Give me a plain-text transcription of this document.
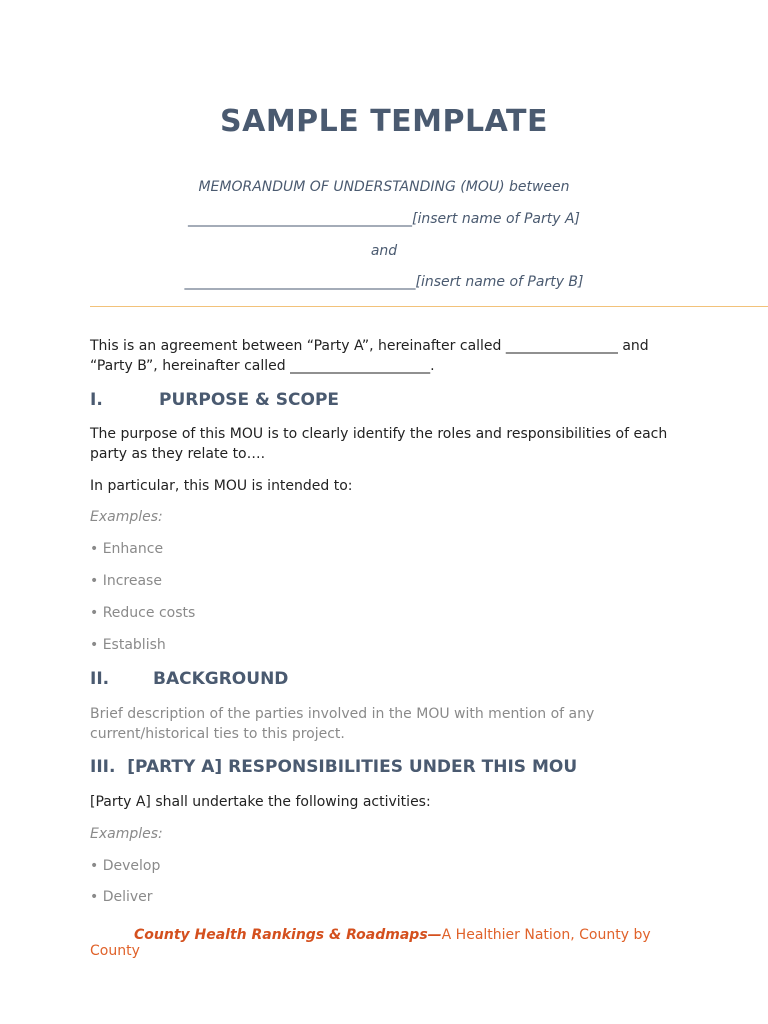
SAMPLE TEMPLATE

MEMORANDUM OF UNDERSTANDING (MOU) between

________________________________[insert name of Party A]

and

_________________________________[insert name of Party B]

This is an agreement between “Party A”, hereinafter called ________________ and
“Party B”, hereinafter called ____________________.

I.	PURPOSE & SCOPE

The purpose of this MOU is to clearly identify the roles and responsibilities of each
party as they relate to….

In particular, this MOU is intended to:

Examples:

• Enhance

• Increase

• Reduce costs

• Establish

II.	BACKGROUND

Brief description of the parties involved in the MOU with mention of any
current/historical ties to this project.

III. [PARTY A] RESPONSIBILITIES UNDER THIS MOU

[Party A] shall undertake the following activities:

Examples:

• Develop

• Deliver

County Health Rankings & Roadmaps—A Healthier Nation, County by County
